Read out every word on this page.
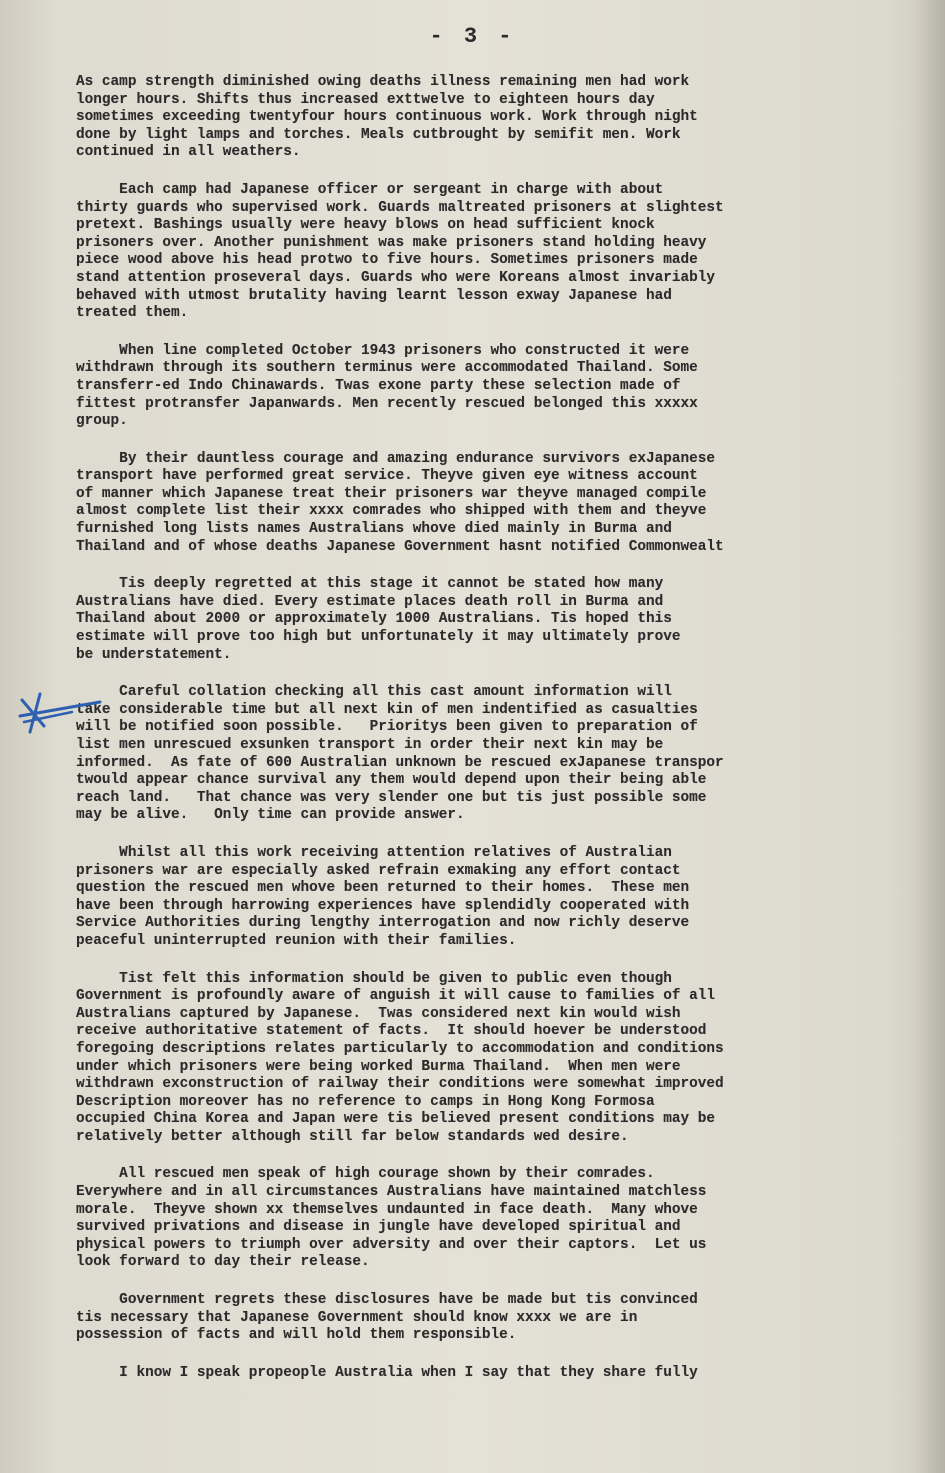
- 3 -
As camp strength diminished owing deaths illness remaining men had work
longer hours. Shifts thus increased exttwelve to eighteen hours day
sometimes exceeding twentyfour hours continuous work. Work through night
done by light lamps and torches. Meals cutbrought by semifit men. Work
continued in all weathers.
Each camp had Japanese officer or sergeant in charge with about
thirty guards who supervised work. Guards maltreated prisoners at slightest
pretext. Bashings usually were heavy blows on head sufficient knock
prisoners over. Another punishment was make prisoners stand holding heavy
piece wood above his head protwo to five hours. Sometimes prisoners made
stand attention proseveral days. Guards who were Koreans almost invariably
behaved with utmost brutality having learnt lesson exway Japanese had
treated them.
When line completed October 1943 prisoners who constructed it were
withdrawn through its southern terminus were accommodated Thailand. Some
transferr-ed Indo Chinawards. Twas exone party these selection made of
fittest protransfer Japanwards. Men recently rescued belonged this xxxxx
group.
By their dauntless courage and amazing endurance survivors exJapanese
transport have performed great service. Theyve given eye witness account
of manner which Japanese treat their prisoners war theyve managed compile
almost complete list their xxxx comrades who shipped with them and theyve
furnished long lists names Australians whove died mainly in Burma and
Thailand and of whose deaths Japanese Government hasnt notified Commonwealt
Tis deeply regretted at this stage it cannot be stated how many
Australians have died. Every estimate places death roll in Burma and
Thailand about 2000 or approximately 1000 Australians. Tis hoped this
estimate will prove too high but unfortunately it may ultimately prove
be understatement.
Careful collation checking all this cast amount information will
take considerable time but all next kin of men indentified as casualties
will be notified soon possible.   Prioritys been given to preparation of
list men unrescued exsunken transport in order their next kin may be
informed.  As fate of 600 Australian unknown be rescued exJapanese transpor
twould appear chance survival any them would depend upon their being able
reach land.   That chance was very slender one but tis just possible some
may be alive.   Only time can provide answer.
Whilst all this work receiving attention relatives of Australian
prisoners war are especially asked refrain exmaking any effort contact
question the rescued men whove been returned to their homes.  These men
have been through harrowing experiences have splendidly cooperated with
Service Authorities during lengthy interrogation and now richly deserve
peaceful uninterrupted reunion with their families.
Tist felt this information should be given to public even though
Government is profoundly aware of anguish it will cause to families of all
Australians captured by Japanese.  Twas considered next kin would wish
receive authoritative statement of facts.  It should hoever be understood
foregoing descriptions relates particularly to accommodation and conditions
under which prisoners were being worked Burma Thailand.  When men were
withdrawn exconstruction of railway their conditions were somewhat improved
Description moreover has no reference to camps in Hong Kong Formosa
occupied China Korea and Japan were tis believed present conditions may be
relatively better although still far below standards wed desire.
All rescued men speak of high courage shown by their comrades.
Everywhere and in all circumstances Australians have maintained matchless
morale.  Theyve shown xx themselves undaunted in face death.  Many whove
survived privations and disease in jungle have developed spiritual and
physical powers to triumph over adversity and over their captors.  Let us
look forward to day their release.
Government regrets these disclosures have be made but tis convinced
tis necessary that Japanese Government should know xxxx we are in
possession of facts and will hold them responsible.
I know I speak propeople Australia when I say that they share fully
